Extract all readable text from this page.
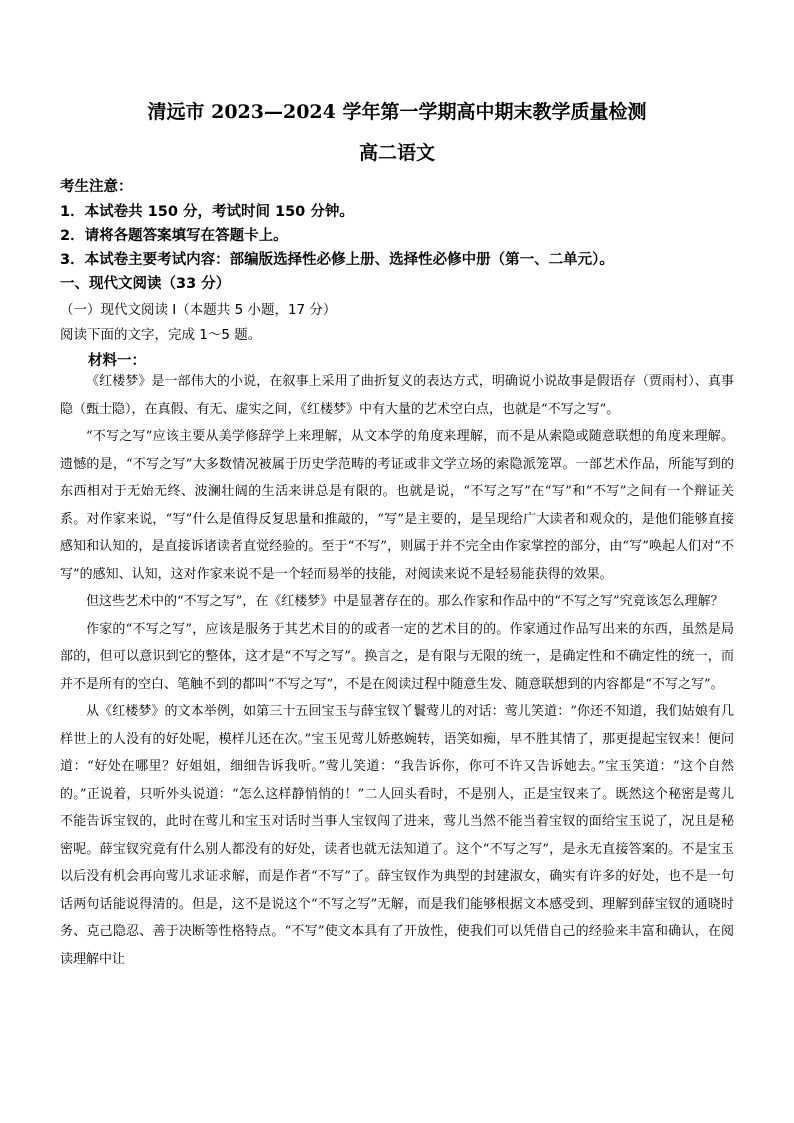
清远市 2023—2024 学年第一学期高中期末教学质量检测
高二语文
考生注意：
1．本试卷共 150 分，考试时间 150 分钟。
2．请将各题答案填写在答题卡上。
3．本试卷主要考试内容：部编版选择性必修上册、选择性必修中册（第一、二单元）。
一、现代文阅读（33 分）
（一）现代文阅读 I（本题共 5 小题，17 分）
阅读下面的文字，完成 1～5 题。
材料一：

《红楼梦》是一部伟大的小说，在叙事上采用了曲折复义的表达方式，明确说小说故事是假语存（贾雨村）、真事隐（甄士隐），在真假、有无、虚实之间，《红楼梦》中有大量的艺术空白点，也就是“不写之写”。

“不写之写”应该主要从美学修辞学上来理解，从文本学的角度来理解，而不是从索隐或随意联想的角度来理解。遗憾的是，“不写之写”大多数情况被属于历史学范畴的考证或非文学立场的索隐派笼罩。一部艺术作品，所能写到的东西相对于无始无终、波澜壮阔的生活来讲总是有限的。也就是说，“不写之写”在“写”和“不写”之间有一个辩证关系。对作家来说，“写”什么是值得反复思量和推敲的，“写”是主要的，是呈现给广大读者和观众的，是他们能够直接感知和认知的，是直接诉诸读者直觉经验的。至于“不写”，则属于并不完全由作家掌控的部分，由“写”唤起人们对“不写”的感知、认知，这对作家来说不是一个轻而易举的技能，对阅读来说不是轻易能获得的效果。

但这些艺术中的“不写之写”，在《红楼梦》中是显著存在的。那么作家和作品中的“不写之写”究竟该怎么理解？

作家的“不写之写”，应该是服务于其艺术目的的或者一定的艺术目的的。作家通过作品写出来的东西，虽然是局部的，但可以意识到它的整体，这才是“不写之写”。换言之，是有限与无限的统一，是确定性和不确定性的统一，而并不是所有的空白、笔触不到的都叫“不写之写”，不是在阅读过程中随意生发、随意联想到的内容都是“不写之写”。

从《红楼梦》的文本举例，如第三十五回宝玉与薛宝钗丫鬟莺儿的对话：莺儿笑道：“你还不知道，我们姑娘有几样世上的人没有的好处呢，模样儿还在次。”宝玉见莺儿娇憨婉转，语笑如痴，早不胜其情了，那更提起宝钗来！便问道：“好处在哪里？好姐姐，细细告诉我听。”莺儿笑道：“我告诉你，你可不许又告诉她去。”宝玉笑道：“这个自然的。”正说着，只听外头说道：“怎么这样静悄悄的！”二人回头看时，不是别人，正是宝钗来了。既然这个秘密是莺儿不能告诉宝钗的，此时在莺儿和宝玉对话时当事人宝钗闯了进来，莺儿当然不能当着宝钗的面给宝玉说了，况且是秘密呢。薛宝钗究竟有什么别人都没有的好处，读者也就无法知道了。这个“不写之写”，是永无直接答案的。不是宝玉以后没有机会再向莺儿求证求解，而是作者“不写”了。薛宝钗作为典型的封建淑女，确实有许多的好处，也不是一句话两句话能说得清的。但是，这不是说这个“不写之写”无解，而是我们能够根据文本感受到、理解到薛宝钗的通晓时务、克己隐忍、善于决断等性格特点。“不写”使文本具有了开放性，使我们可以凭借自己的经验来丰富和确认，在阅读理解中让
